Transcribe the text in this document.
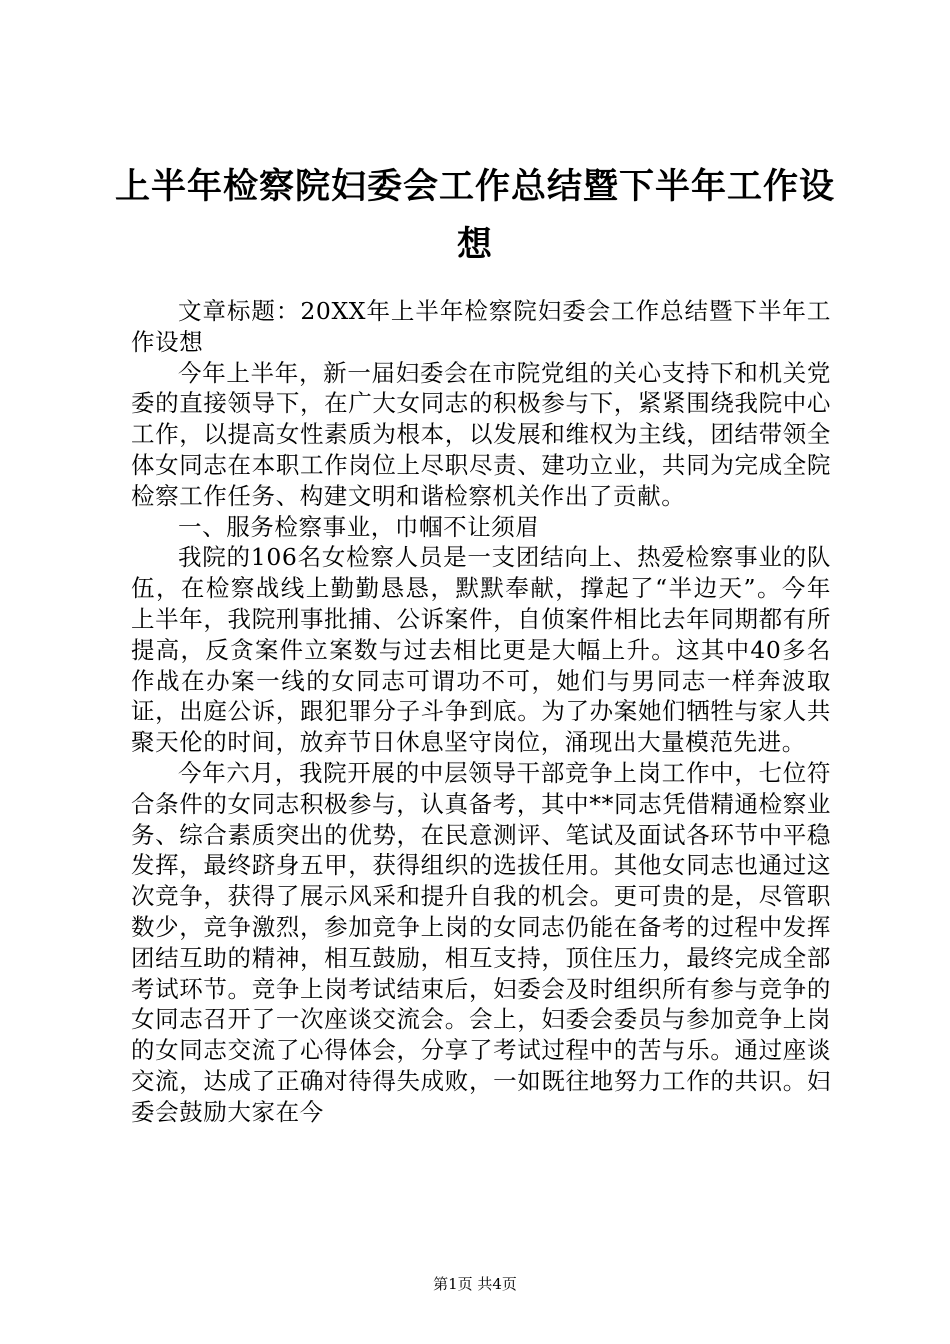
上半年检察院妇委会工作总结暨下半年工作设想

文章标题：20XX年上半年检察院妇委会工作总结暨下半年工作设想

今年上半年，新一届妇委会在市院党组的关心支持下和机关党委的直接领导下，在广大女同志的积极参与下，紧紧围绕我院中心工作，以提高女性素质为根本，以发展和维权为主线，团结带领全体女同志在本职工作岗位上尽职尽责、建功立业，共同为完成全院检察工作任务、构建文明和谐检察机关作出了贡献。

一、服务检察事业，巾帼不让须眉

我院的106名女检察人员是一支团结向上、热爱检察事业的队伍，在检察战线上勤勤恳恳，默默奉献，撑起了“半边天”。今年上半年，我院刑事批捕、公诉案件，自侦案件相比去年同期都有所提高，反贪案件立案数与过去相比更是大幅上升。这其中40多名作战在办案一线的女同志可谓功不可，她们与男同志一样奔波取证，出庭公诉，跟犯罪分子斗争到底。为了办案她们牺牲与家人共聚天伦的时间，放弃节日休息坚守岗位，涌现出大量模范先进。

今年六月，我院开展的中层领导干部竞争上岗工作中，七位符合条件的女同志积极参与，认真备考，其中**同志凭借精通检察业务、综合素质突出的优势，在民意测评、笔试及面试各环节中平稳发挥，最终跻身五甲，获得组织的选拔任用。其他女同志也通过这次竞争，获得了展示风采和提升自我的机会。更可贵的是，尽管职数少，竞争激烈，参加竞争上岗的女同志仍能在备考的过程中发挥团结互助的精神，相互鼓励，相互支持，顶住压力，最终完成全部考试环节。竞争上岗考试结束后，妇委会及时组织所有参与竞争的女同志召开了一次座谈交流会。会上，妇委会委员与参加竞争上岗的女同志交流了心得体会，分享了考试过程中的苦与乐。通过座谈交流，达成了正确对待得失成败，一如既往地努力工作的共识。妇委会鼓励大家在今

第1页 共4页
